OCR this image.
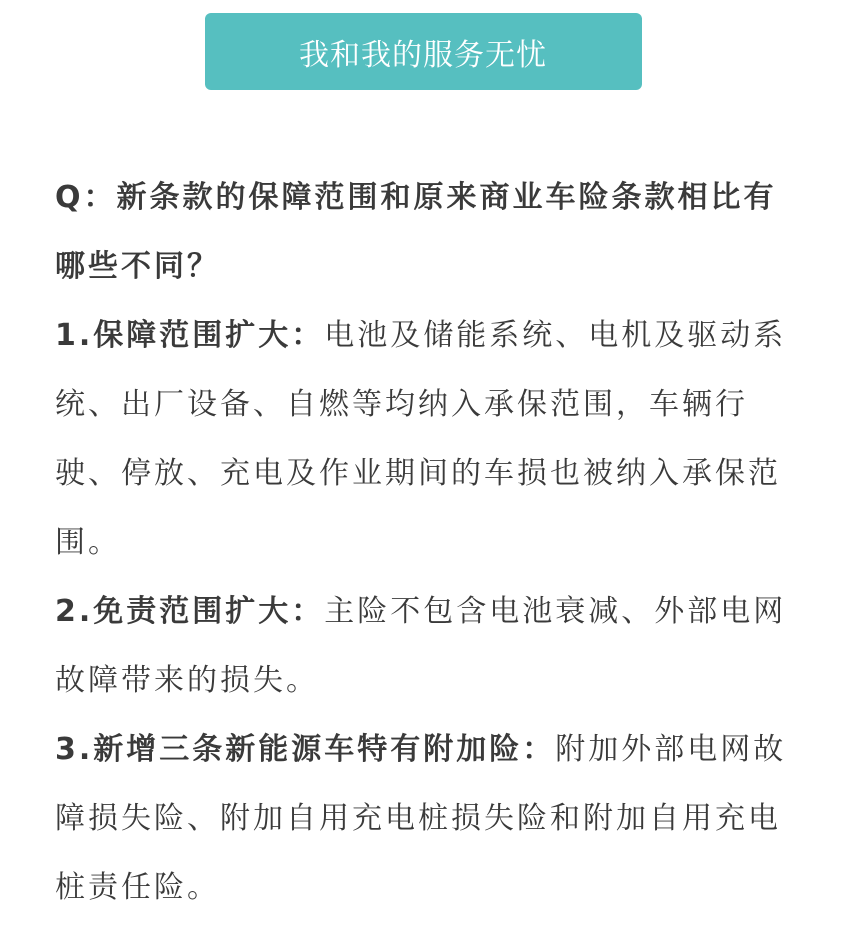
我和我的服务无忧

Q：新条款的保障范围和原来商业车险条款相比有哪些不同？

1.保障范围扩大：电池及储能系统、电机及驱动系统、出厂设备、自燃等均纳入承保范围，车辆行驶、停放、充电及作业期间的车损也被纳入承保范围。

2.免责范围扩大：主险不包含电池衰减、外部电网故障带来的损失。

3.新增三条新能源车特有附加险：附加外部电网故障损失险、附加自用充电桩损失险和附加自用充电桩责任险。
